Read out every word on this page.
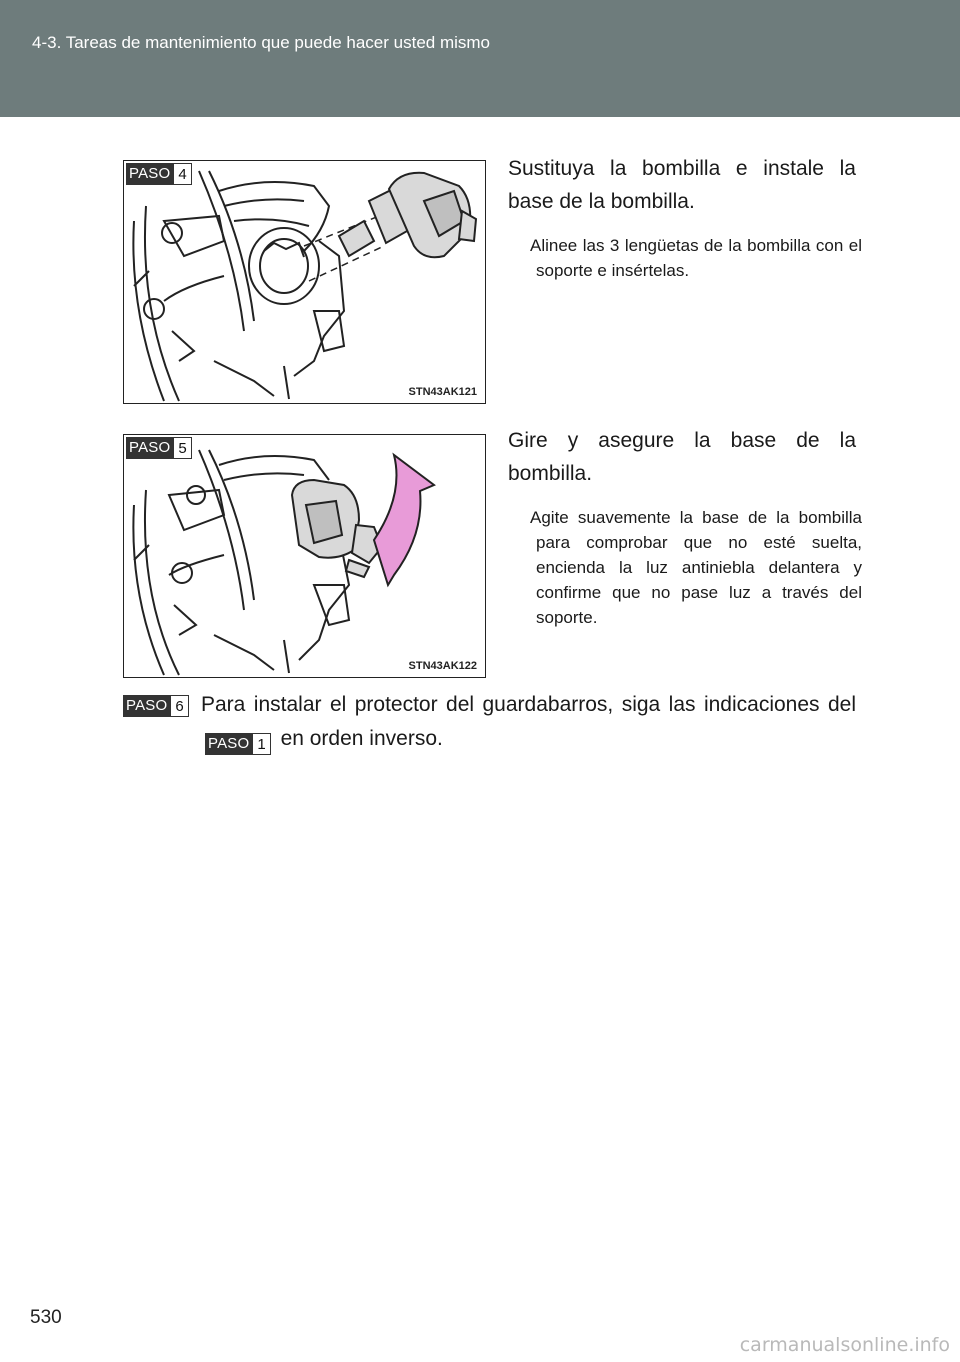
4-3. Tareas de mantenimiento que puede hacer usted mismo
PASO 4
STN43AK121

Sustituya la bombilla e instale la base de la bombilla.

Alinee las 3 lengüetas de la bombilla con el soporte e insértelas.

PASO 5
STN43AK122

Gire y asegure la base de la bombilla.

Agite suavemente la base de la bombilla para comprobar que no esté suelta, encienda la luz antiniebla delantera y confirme que no pase luz a través del soporte.

PASO 6 Para instalar el protector del guardabarros, siga las indicaciones del
PASO 1 en orden inverso.

530
carmanualsonline.info
